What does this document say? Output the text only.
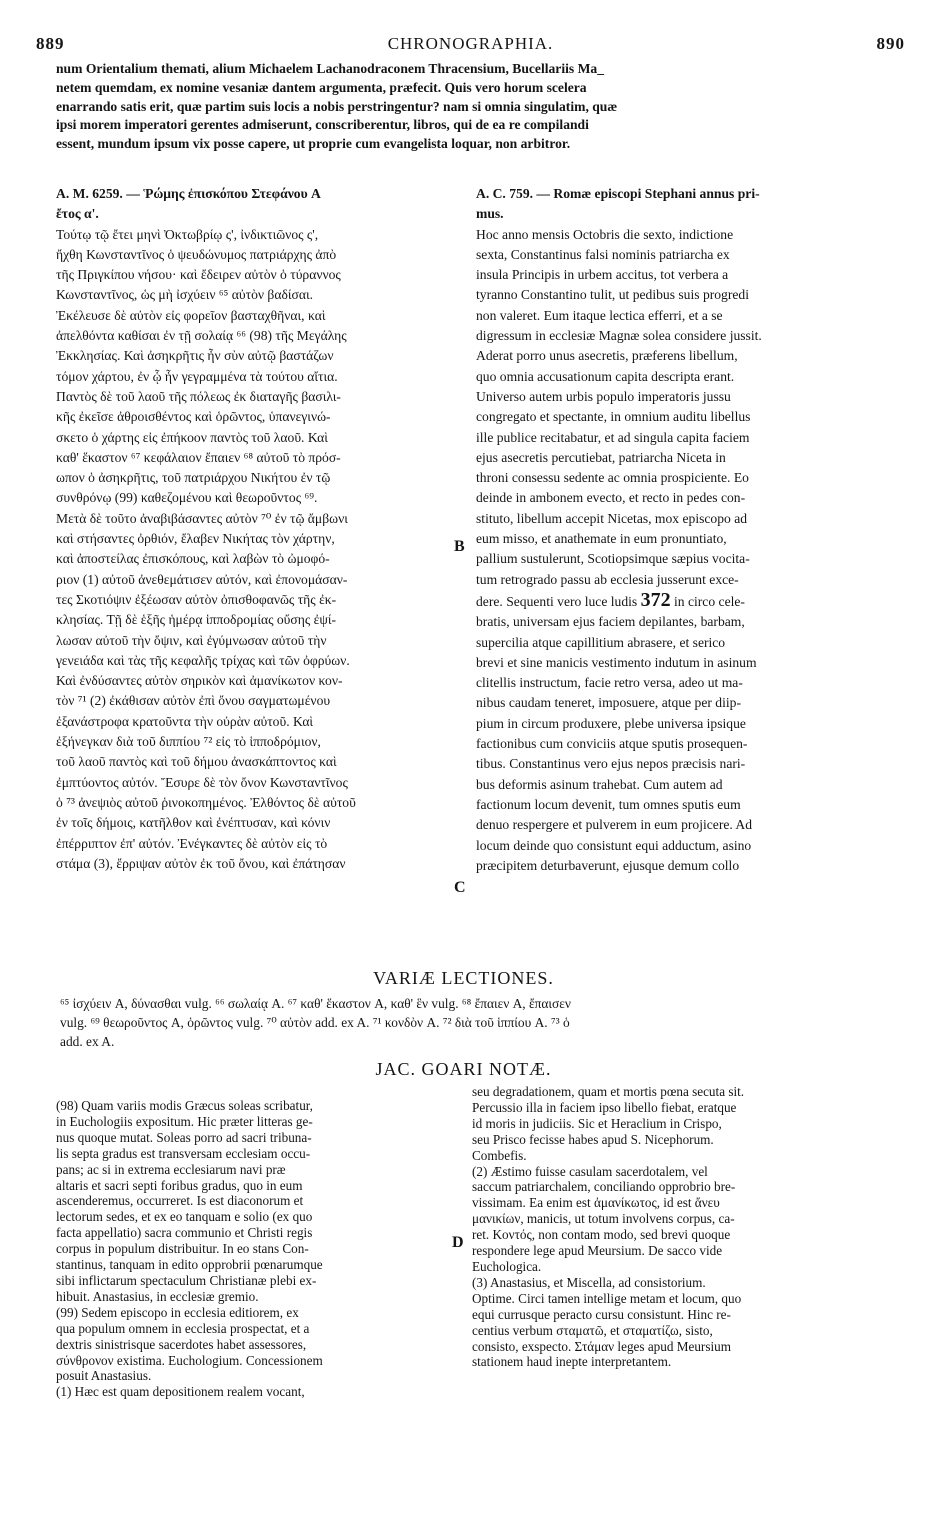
889	CHRONOGRAPHIA.	890
num Orientalium themati, alium Michaelem Lachanodraconem Thracensium, Bucellariis Ma_
netem quemdam, ex nomine vesaniæ dantem argumenta, præfecit. Quis vero horum scelera
enarrando satis erit, quæ partim suis locis a nobis perstringentur? nam si omnia singulatim, quæ
ipsi morem imperatori gerentes admiserunt, conscriberentur, libros, qui de ea re compilandi
essent, mundum ipsum vix posse capere, ut proprie cum evangelista loquar, non arbitror.
A. M. 6259. — Ῥώμης ἐπισκόπου Στεφάνου A
ἔτος α'.
Τούτῳ τῷ ἔτει μηνὶ Ὀκτωβρίῳ ς', ἰνδικτιῶνος ς',
ἤχθη Κωνσταντῖνος ὁ ψευδώνυμος πατριάρχης ἀπὸ
τῆς Πριγκίπου νήσου· καὶ ἔδειρεν αὐτὸν ὁ τύραννος
Κωνσταντῖνος, ὡς μὴ ἰσχύειν ⁶⁵ αὐτὸν βαδίσαι.
Ἐκέλευσε δὲ αὐτὸν εἰς φορεῖον βασταχθῆναι, καὶ
ἀπελθόντα καθίσαι ἐν τῇ σολαίᾳ ⁶⁶ (98) τῆς Μεγάλης
Ἐκκλησίας. Καὶ ἀσηκρῆτις ἦν σὺν αὐτῷ βαστάζων
τόμον χάρτου, ἐν ᾧ ἦν γεγραμμένα τὰ τούτου αἴτια.
Παντὸς δὲ τοῦ λαοῦ τῆς πόλεως ἐκ διαταγῆς βασιλι-
κῆς ἐκεῖσε ἀθροισθέντος καὶ ὁρῶντος, ὑπανεγινώ-
σκετο ὁ χάρτης εἰς ἐπήκοον παντὸς τοῦ λαοῦ. Καὶ
καθ' ἕκαστον ⁶⁷ κεφάλαιον ἔπαιεν ⁶⁸ αὐτοῦ τὸ πρόσ-
ωπον ὁ ἀσηκρῆτις, τοῦ πατριάρχου Νικήτου ἐν τῷ
συνθρόνῳ (99) καθεζομένου καὶ θεωροῦντος ⁶⁹.
Μετὰ δὲ τοῦτο ἀναβιβάσαντες αὐτὸν ⁷⁰ ἐν τῷ ἄμβωνι
καὶ στήσαντες ὀρθιόν, ἔλαβεν Νικήτας τὸν χάρτην,
καὶ ἀποστείλας ἐπισκόπους, καὶ λαβὼν τὸ ὠμοφό-
ριον (1) αὐτοῦ ἀνεθεμάτισεν αὐτόν, καὶ ἐπονομάσαν-
τες Σκοτιόψιν ἐξέωσαν αὐτὸν ὀπισθοφανῶς τῆς ἐκ-
κλησίας. Τῇ δὲ ἑξῆς ἡμέρᾳ ἱπποδρομίας οὔσης ἐψί-
λωσαν αὐτοῦ τὴν ὄψιν, καὶ ἐγύμνωσαν αὐτοῦ τὴν
γενειάδα καὶ τὰς τῆς κεφαλῆς τρίχας καὶ τῶν ὀφρύων.
Καὶ ἐνδύσαντες αὐτὸν σηρικὸν καὶ ἀμανίκωτον κον-
τὸν ⁷¹ (2) ἐκάθισαν αὐτὸν ἐπὶ ὄνου σαγματωμένου
ἐξανάστροφα κρατοῦντα τὴν οὐρὰν αὐτοῦ. Καὶ
ἐξήνεγκαν διὰ τοῦ διππίου ⁷² εἰς τὸ ἱπποδρόμιον,
τοῦ λαοῦ παντὸς καὶ τοῦ δήμου ἀνασκάπτοντος καὶ
ἐμπτύοντος αὐτόν. Ἔσυρε δὲ τὸν ὄνον Κωνσταντῖνος
ὁ ⁷³ ἀνεψιὸς αὐτοῦ ῥινοκοπημένος. Ἐλθόντος δὲ αὐτοῦ
ἐν τοῖς δήμοις, κατῆλθον καὶ ἐνέπτυσαν, καὶ κόνιν
ἐπέρριπτον ἐπ' αὐτόν. Ἐνέγκαντες δὲ αὐτὸν εἰς τὸ
στάμα (3), ἔρριψαν αὐτὸν ἐκ τοῦ ὄνου, καὶ ἐπάτησαν
A. C. 759. — Romæ episcopi Stephani annus pri-
mus.
Hoc anno mensis Octobris die sexto, indictione
sexta, Constantinus falsi nominis patriarcha ex
insula Principis in urbem accitus, tot verbera a
tyranno Constantino tulit, ut pedibus suis progredi
non valeret. Eum itaque lectica efferri, et a se
digressum in ecclesiæ Magnæ solea considere jussit.
Aderat porro unus asecretis, præferens libellum,
quo omnia accusationum capita descripta erant.
Universo autem urbis populo imperatoris jussu
congregato et spectante, in omnium auditu libellus
ille publice recitabatur, et ad singula capita faciem
ejus asecretis percutiebat, patriarcha Niceta in
throni consessu sedente ac omnia prospiciente. Eo
deinde in ambonem evecto, et recto in pedes con-
stituto, libellum accepit Nicetas, mox episcopo ad
eum misso, et anathemate in eum pronuntiato,
pallium sustulerunt, Scotiopsimque sæpius vocita-
tum retrogrado passu ab ecclesia jusserunt exce-
dere. Sequenti vero luce ludis 372 in circo cele-
bratis, universam ejus faciem depilantes, barbam,
supercilia atque capillitium abrasere, et serico
brevi et sine manicis vestimento indutum in asinum
clitellis instructum, facie retro versa, adeo ut ma-
nibus caudam teneret, imposuere, atque per diip-
pium in circum produxere, plebe universa ipsique
factionibus cum conviciis atque sputis prosequen-
tibus. Constantinus vero ejus nepos præcisis nari-
bus deformis asinum trahebat. Cum autem ad
factionum locum devenit, tum omnes sputis eum
denuo respergere et pulverem in eum projicere. Ad
locum deinde quo consistunt equi adductum, asino
præcipitem deturbaverunt, ejusque demum collo
B
C
D
VARIÆ LECTIONES.
⁶⁵ ἰσχύειν A, δύνασθαι vulg. ⁶⁶ σωλαίᾳ A. ⁶⁷ καθ' ἕκαστον A, καθ' ἓν vulg. ⁶⁸ ἔπαιεν A, ἔπαισεν
vulg. ⁶⁹ θεωροῦντος A, ὁρῶντος vulg. ⁷⁰ αὐτὸν add. ex A. ⁷¹ κονδὸν A. ⁷² διὰ τοῦ ἱππίου A. ⁷³ ὁ
add. ex A.
JAC. GOARI NOTÆ.
(98) Quam variis modis Græcus soleas scribatur,
in Euchologiis expositum. Hic præter litteras ge-
nus quoque mutat. Soleas porro ad sacri tribuna-
lis septa gradus est transversam ecclesiam occu-
pans; ac si in extrema ecclesiarum navi præ
altaris et sacri septi foribus gradus, quo in eum
ascenderemus, occurreret. Is est diaconorum et
lectorum sedes, et ex eo tanquam e solio (ex quo
facta appellatio) sacra communio et Christi regis
corpus in populum distribuitur. In eo stans Con-
stantinus, tanquam in edito opprobrii pœnarumque
sibi inflictarum spectaculum Christianæ plebi ex-
hibuit. Anastasius, in ecclesiæ gremio.
(99) Sedem episcopo in ecclesia editiorem, ex
qua populum omnem in ecclesia prospectat, et a
dextris sinistrisque sacerdotes habet assessores,
σύνθρονον existima. Euchologium. Concessionem
posuit Anastasius.
(1) Hæc est quam depositionem realem vocant,
seu degradationem, quam et mortis pœna secuta sit.
Percussio illa in faciem ipso libello fiebat, eratque
id moris in judiciis. Sic et Heraclium in Crispo,
seu Prisco fecisse habes apud S. Nicephorum.
Combefis.
(2) Æstimo fuisse casulam sacerdotalem, vel
saccum patriarchalem, conciliando opprobrio bre-
vissimam. Ea enim est ἀμανίκωτος, id est ἄνευ
μανικίων, manicis, ut totum involvens corpus, ca-
ret. Κοντός, non contam modo, sed brevi quoque
respondere lege apud Meursium. De sacco vide
Euchologica.
(3) Anastasius, et Miscella, ad consistorium.
Optime. Circi tamen intellige metam et locum, quo
equi currusque peracto cursu consistunt. Hinc re-
centius verbum σταματῶ, et σταματίζω, sisto,
consisto, exspecto. Στάμαν leges apud Meursium
stationem haud inepte interpretantem.
